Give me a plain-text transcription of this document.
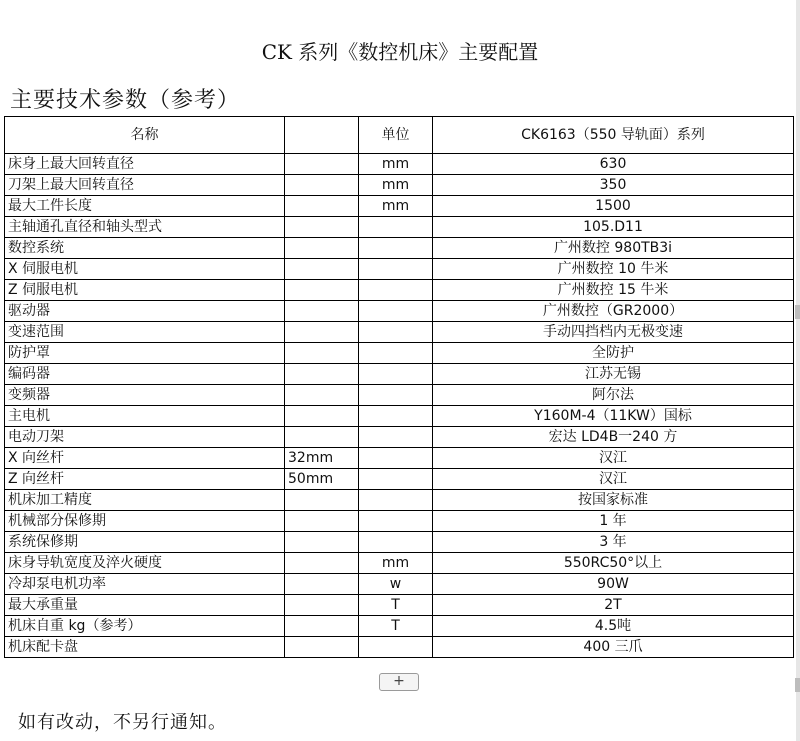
CK 系列《数控机床》主要配置
主要技术参数（参考）
名称		单位	CK6163（550 导轨面）系列
床身上最大回转直径		mm	630
刀架上最大回转直径		mm	350
最大工件长度		mm	1500
主轴通孔直径和轴头型式			105.D11
数控系统			广州数控 980TB3i
X 伺服电机			广州数控 10 牛米
Z 伺服电机			广州数控 15 牛米
驱动器			广州数控（GR2000）
变速范围			手动四挡档内无极变速
防护罩			全防护
编码器			江苏无锡
变频器			阿尔法
主电机			Y160M-4（11KW）国标
电动刀架			宏达 LD4B一240 方
X 向丝杆	32mm		汉江
Z 向丝杆	50mm		汉江
机床加工精度			按国家标准
机械部分保修期			1 年
系统保修期			3 年
床身导轨宽度及淬火硬度		mm	550RC50°以上
冷却泵电机功率		w	90W
最大承重量		T	2T
机床自重 kg（参考）		T	4.5吨
机床配卡盘			400 三爪
+
如有改动，不另行通知。
